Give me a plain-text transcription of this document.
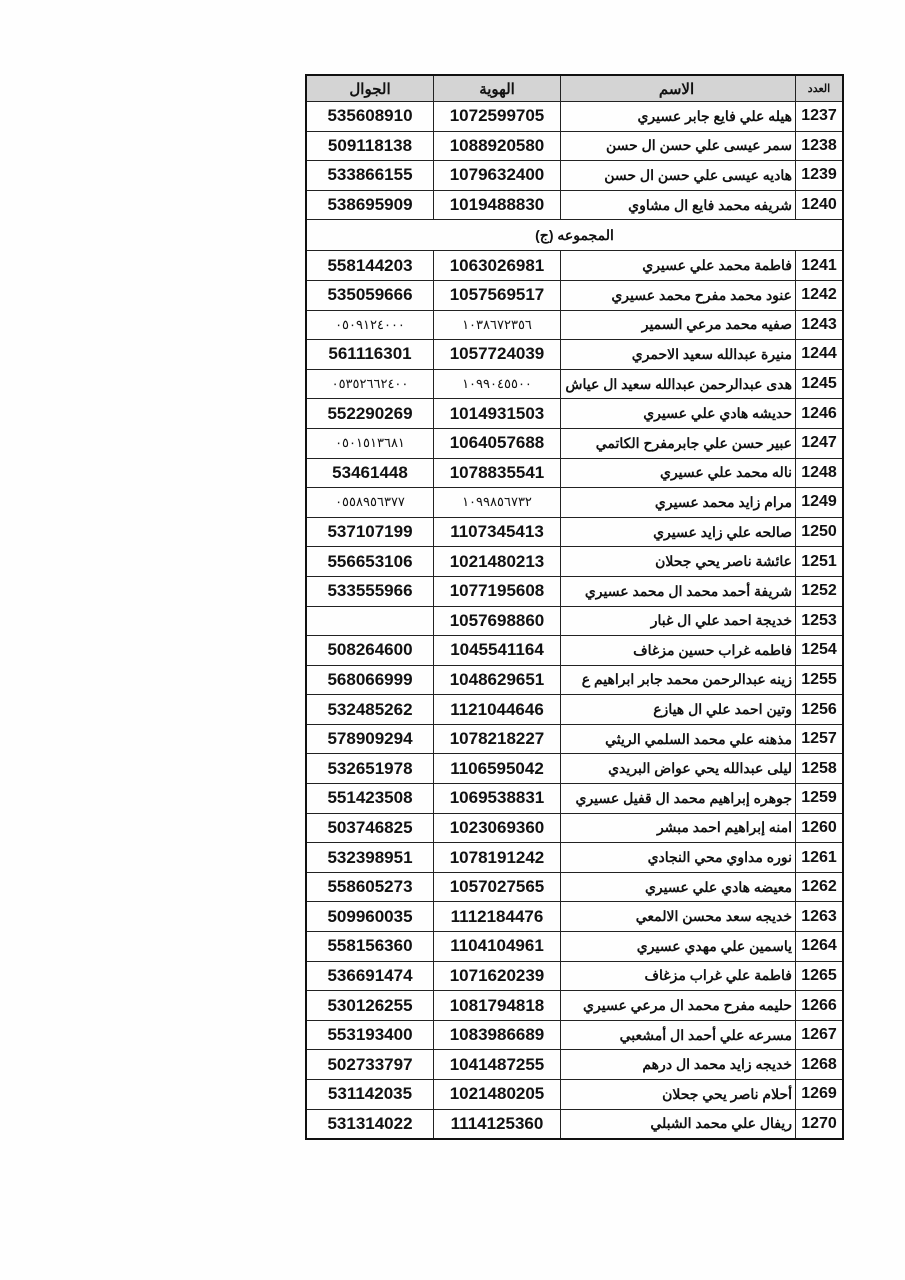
الجوال	الهوية	الاسم	العدد
535608910	1072599705	هيله علي فايع جابر عسيري	1237
509118138	1088920580	سمر عيسى علي حسن ال حسن	1238
533866155	1079632400	هاديه عيسى علي حسن ال حسن	1239
538695909	1019488830	شريفه محمد فايع ال مشاوي	1240
المجموعه (ج)			
558144203	1063026981	فاطمة محمد علي عسيري	1241
535059666	1057569517	عنود محمد مفرح محمد عسيري	1242
٠٥٠٩١٢٤٠٠٠	١٠٣٨٦٧٢٣٥٦	صفيه محمد مرعي السمير	1243
561116301	1057724039	منيرة عبدالله سعيد الاحمري	1244
٠٥٣٥٢٦٦٢٤٠٠	١٠٩٩٠٤٥٥٠٠	هدى عبدالرحمن عبدالله سعيد ال عياش	1245
552290269	1014931503	حديشه هادي علي عسيري	1246
٠٥٠١٥١٣٦٨١	1064057688	عبير حسن علي جابرمفرح الكاتمي	1247
53461448	1078835541	ناله محمد علي عسيري	1248
٠٥٥٨٩٥٦٣٧٧	١٠٩٩٨٥٦٧٣٢	مرام زايد محمد عسيري	1249
537107199	1107345413	صالحه علي زايد عسيري	1250
556653106	1021480213	عائشة ناصر يحي جحلان	1251
533555966	1077195608	شريفة أحمد محمد ال محمد عسيري	1252
	1057698860	خديجة احمد علي ال غبار	1253
508264600	1045541164	فاطمه غراب حسين مزغاف	1254
568066999	1048629651	زينه عبدالرحمن محمد جابر ابراهيم ع	1255
532485262	1121044646	وتين احمد علي ال هيازع	1256
578909294	1078218227	مذهنه علي محمد السلمي الريثي	1257
532651978	1106595042	ليلى عبدالله يحي عواض البريدي	1258
551423508	1069538831	جوهره إبراهيم محمد ال قفيل عسيري	1259
503746825	1023069360	امنه إبراهيم احمد مبشر	1260
532398951	1078191242	نوره مداوي محي النجادي	1261
558605273	1057027565	معيضه هادي علي عسيري	1262
509960035	1112184476	خديجه سعد محسن الالمعي	1263
558156360	1104104961	ياسمين علي مهدي عسيري	1264
536691474	1071620239	فاطمة علي غراب مزغاف	1265
530126255	1081794818	حليمه مفرح محمد ال مرعي عسيري	1266
553193400	1083986689	مسرعه علي أحمد ال أمشعبي	1267
502733797	1041487255	خديجه زايد محمد ال درهم	1268
531142035	1021480205	أحلام ناصر يحي جحلان	1269
531314022	1114125360	ريفال علي محمد الشبلي	1270
